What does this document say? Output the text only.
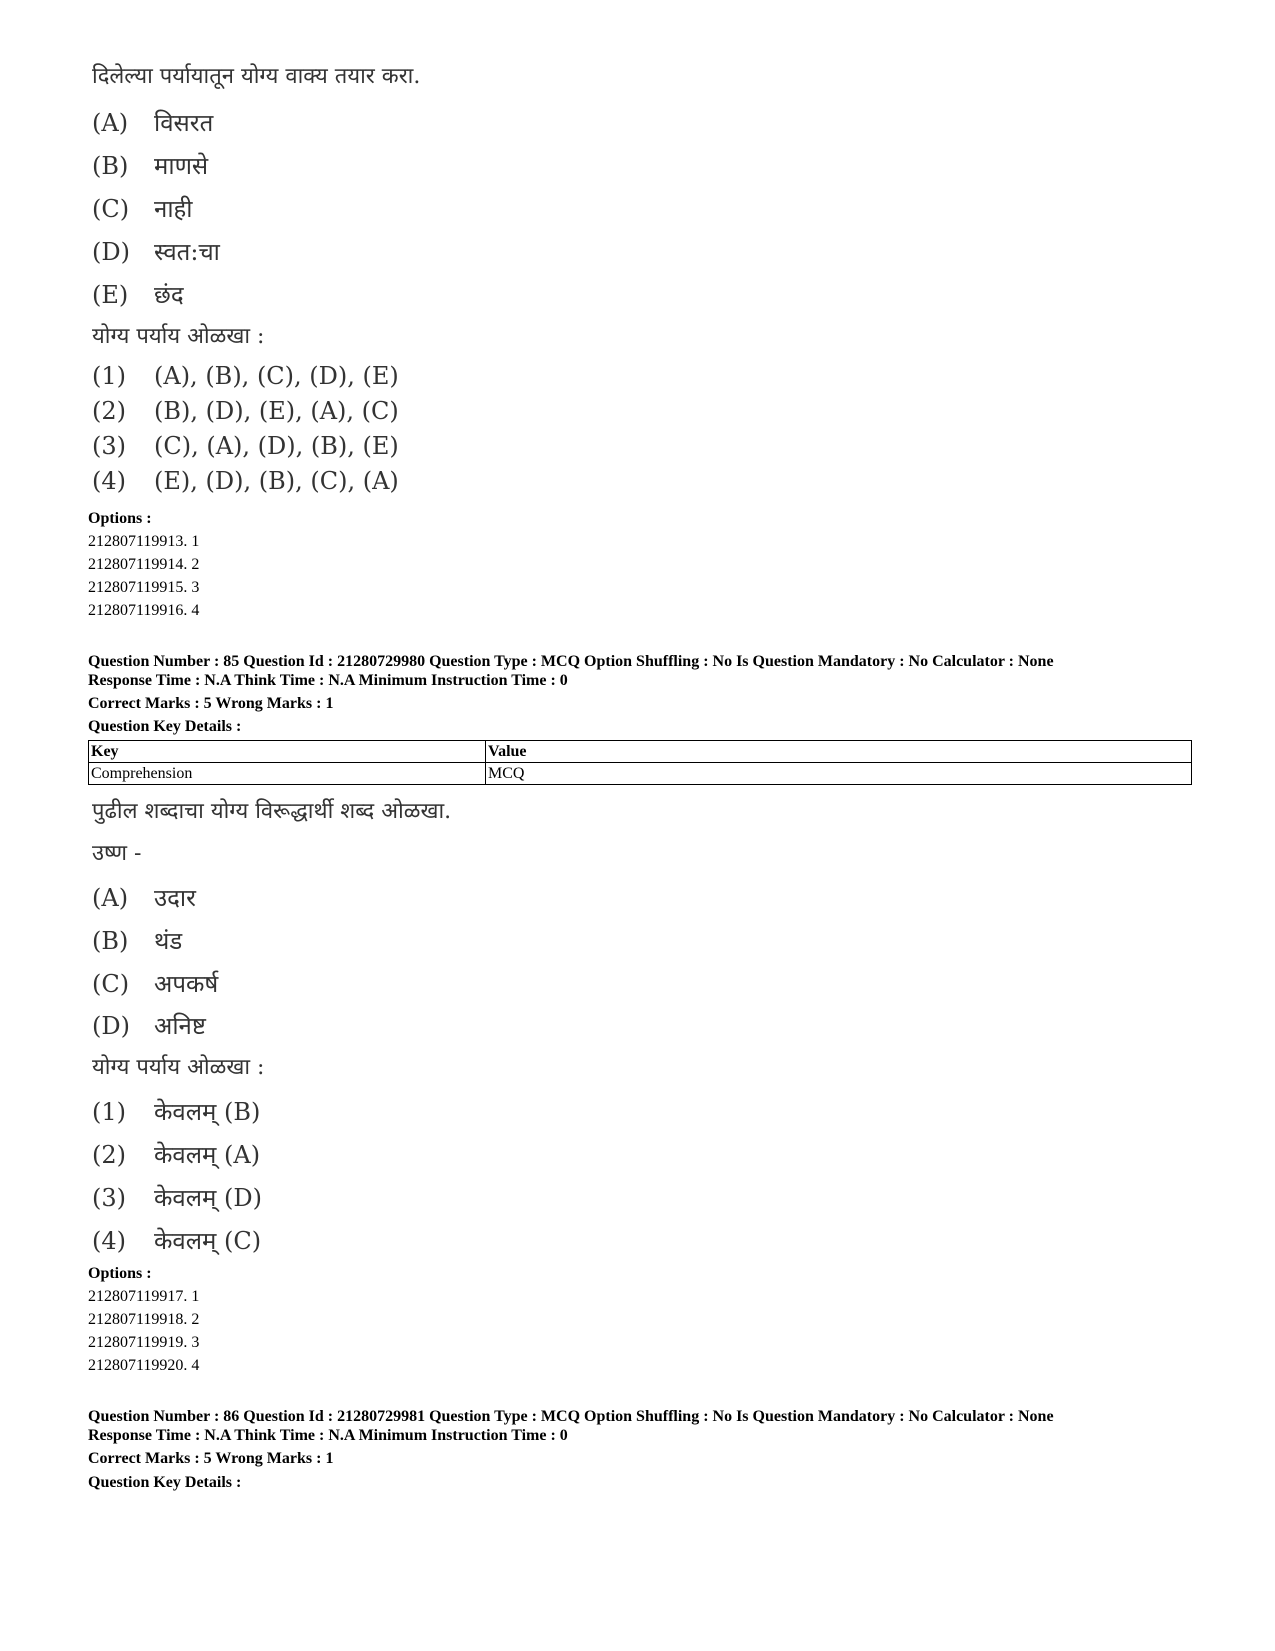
दिलेल्या पर्यायातून योग्य वाक्य तयार करा.
(A) विसरत
(B) माणसे
(C) नाही
(D) स्वत:चा
(E) छंद
योग्य पर्याय ओळखा :
(1) (A), (B), (C), (D), (E)
(2) (B), (D), (E), (A), (C)
(3) (C), (A), (D), (B), (E)
(4) (E), (D), (B), (C), (A)
Options :
212807119913. 1
212807119914. 2
212807119915. 3
212807119916. 4
Question Number : 85 Question Id : 21280729980 Question Type : MCQ Option Shuffling : No Is Question Mandatory : No Calculator : None
Response Time : N.A Think Time : N.A Minimum Instruction Time : 0
Correct Marks : 5 Wrong Marks : 1
Question Key Details :
Key	Value
Comprehension	MCQ
पुढील शब्दाचा योग्य विरूद्धार्थी शब्द ओळखा.
उष्ण -
(A) उदार
(B) थंड
(C) अपकर्ष
(D) अनिष्ट
योग्य पर्याय ओळखा :
(1) केवलम् (B)
(2) केवलम् (A)
(3) केवलम् (D)
(4) केवलम् (C)
Options :
212807119917. 1
212807119918. 2
212807119919. 3
212807119920. 4
Question Number : 86 Question Id : 21280729981 Question Type : MCQ Option Shuffling : No Is Question Mandatory : No Calculator : None
Response Time : N.A Think Time : N.A Minimum Instruction Time : 0
Correct Marks : 5 Wrong Marks : 1
Question Key Details :
